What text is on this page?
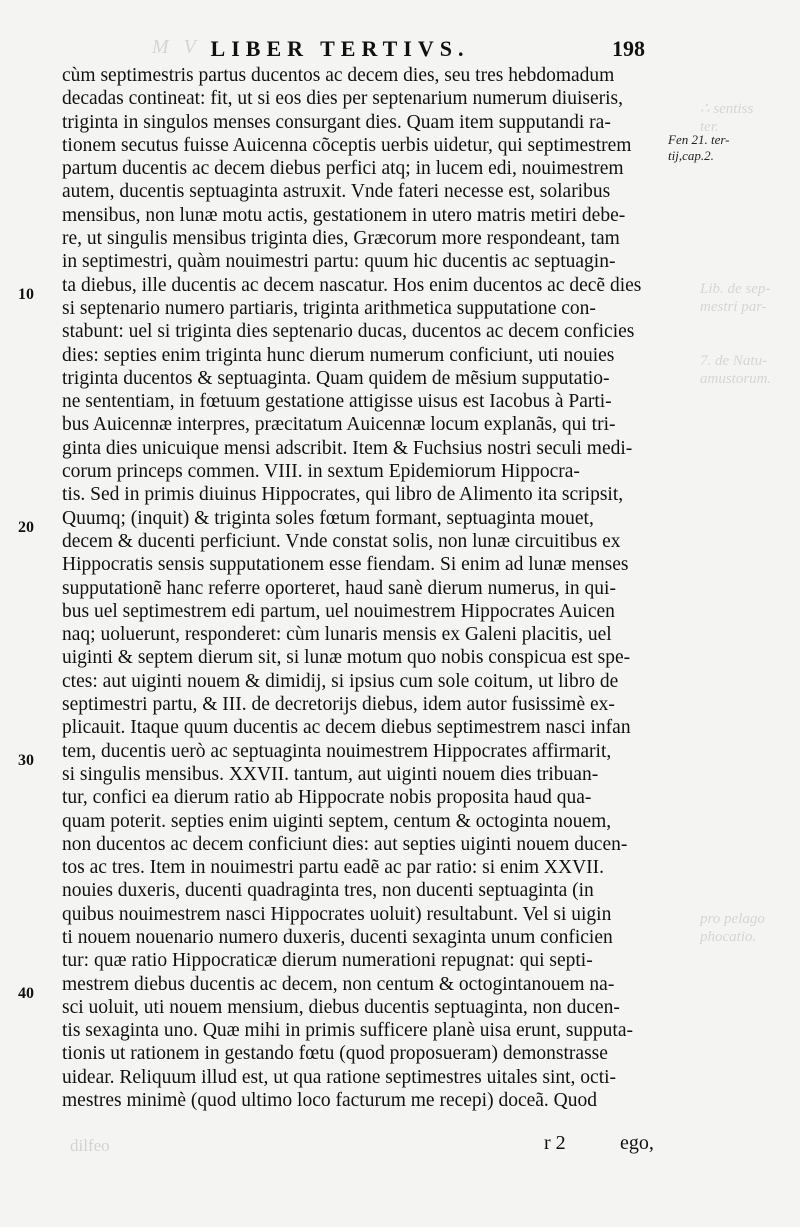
M V
∴ sentiss
ter.

Lib. de sep-
mestri par-

7. de Natu-
amustorum.

pro pelago
phocatio.
LIBER TERTIVS.	198
Fen 21. ter-
tij,cap.2.
10
20
30
40
cùm septimestris partus ducentos ac decem dies, seu tres hebdomadum
decadas contineat: fit, ut si eos dies per septenarium numerum diuiseris,
triginta in singulos menses consurgant dies. Quam item supputandi ra-
tionem secutus fuisse Auicenna cõceptis uerbis uidetur, qui septimestrem
partum ducentis ac decem diebus perfici atq; in lucem edi, nouimestrem
autem, ducentis septuaginta astruxit. Vnde fateri necesse est, solaribus
mensibus, non lunæ motu actis, gestationem in utero matris metiri debe-
re, ut singulis mensibus triginta dies, Græcorum more respondeant, tam
in septimestri, quàm nouimestri partu: quum hic ducentis ac septuagin-
ta diebus, ille ducentis ac decem nascatur. Hos enim ducentos ac decẽ dies
si septenario numero partiaris, triginta arithmetica supputatione con-
stabunt: uel si triginta dies septenario ducas, ducentos ac decem conficies
dies: septies enim triginta hunc dierum numerum conficiunt, uti nouies
triginta ducentos & septuaginta. Quam quidem de mẽsium supputatio-
ne sententiam, in fœtuum gestatione attigisse uisus est Iacobus à Parti-
bus Auicennæ interpres, præcitatum Auicennæ locum explanãs, qui tri-
ginta dies unicuique mensi adscribit. Item & Fuchsius nostri seculi medi-
corum princeps commen. VIII. in sextum Epidemiorum Hippocra-
tis. Sed in primis diuinus Hippocrates, qui libro de Alimento ita scripsit,
Quumq; (inquit) & triginta soles fœtum formant, septuaginta mouet,
decem & ducenti perficiunt. Vnde constat solis, non lunæ circuitibus ex
Hippocratis sensis supputationem esse fiendam. Si enim ad lunæ menses
supputationẽ hanc referre oporteret, haud sanè dierum numerus, in qui-
bus uel septimestrem edi partum, uel nouimestrem Hippocrates Auicen
naq; uoluerunt, responderet: cùm lunaris mensis ex Galeni placitis, uel
uiginti & septem dierum sit, si lunæ motum quo nobis conspicua est spe-
ctes: aut uiginti nouem & dimidij, si ipsius cum sole coitum, ut libro de
septimestri partu, & III. de decretorijs diebus, idem autor fusissimè ex-
plicauit. Itaque quum ducentis ac decem diebus septimestrem nasci infan
tem, ducentis uerò ac septuaginta nouimestrem Hippocrates affirmarit,
si singulis mensibus. XXVII. tantum, aut uiginti nouem dies tribuan-
tur, confici ea dierum ratio ab Hippocrate nobis proposita haud qua-
quam poterit. septies enim uiginti septem, centum & octoginta nouem,
non ducentos ac decem conficiunt dies: aut septies uiginti nouem ducen-
tos ac tres. Item in nouimestri partu eadẽ ac par ratio: si enim XXVII.
nouies duxeris, ducenti quadraginta tres, non ducenti septuaginta (in
quibus nouimestrem nasci Hippocrates uoluit) resultabunt. Vel si uigin
ti nouem nouenario numero duxeris, ducenti sexaginta unum conficien
tur: quæ ratio Hippocraticæ dierum numerationi repugnat: qui septi-
mestrem diebus ducentis ac decem, non centum & octogintanouem na-
sci uoluit, uti nouem mensium, diebus ducentis septuaginta, non ducen-
tis sexaginta uno. Quæ mihi in primis sufficere planè uisa erunt, supputa-
tionis ut rationem in gestando fœtu (quod proposueram) demonstrasse
uidear. Reliquum illud est, ut qua ratione septimestres uitales sint, octi-
mestres minimè (quod ultimo loco facturum me recepi) doceã. Quod
dilfeo	r 2	ego,
